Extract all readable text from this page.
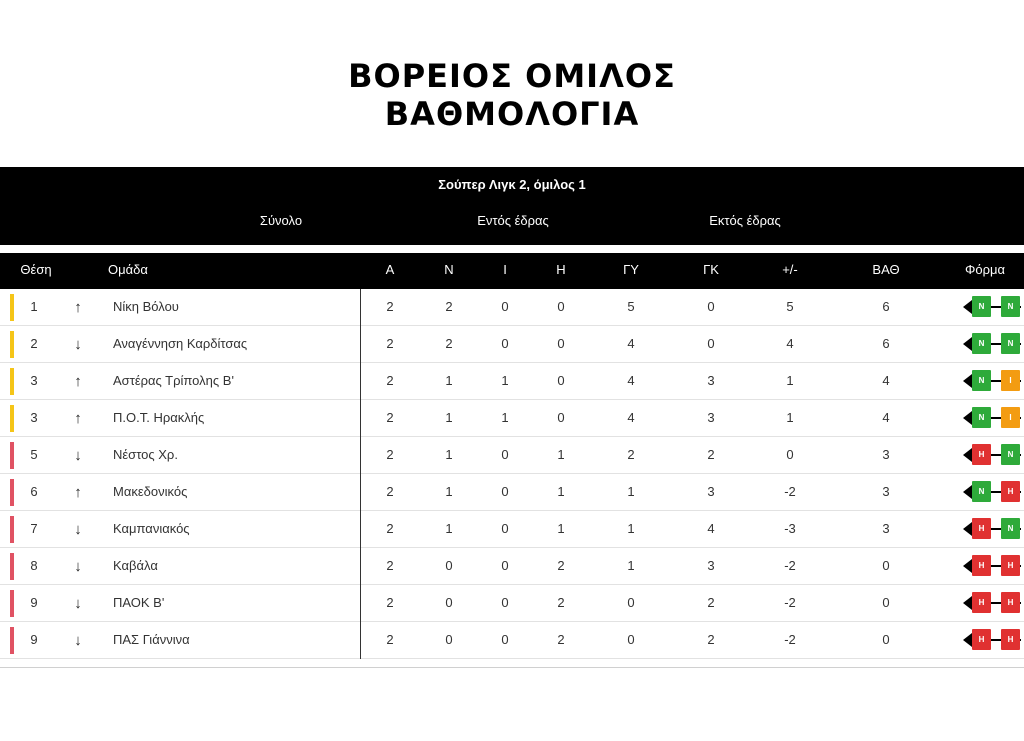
ΒΟΡΕΙΟΣ ΟΜΙΛΟΣ
ΒΑΘΜΟΛΟΓΙΑ
Σούπερ Λιγκ 2, όμιλος 1
Σύνολο	Εντός έδρας	Εκτός έδρας
Θέση	Ομάδα	Α	Ν	Ι	Η	ΓΥ	ΓΚ	+/-	ΒΑΘ	Φόρμα
1	↑	Νίκη Βόλου	2	2	0	0	5	0	5	6	Ν	Ν
2	↓	Αναγέννηση Καρδίτσας	2	2	0	0	4	0	4	6	Ν	Ν
3	↑	Αστέρας Τρίπολης Β'	2	1	1	0	4	3	1	4	Ν	Ι
3	↑	Π.Ο.Τ. Ηρακλής	2	1	1	0	4	3	1	4	Ν	Ι
5	↓	Νέστος Χρ.	2	1	0	1	2	2	0	3	Η	Ν
6	↑	Μακεδονικός	2	1	0	1	1	3	-2	3	Ν	Η
7	↓	Καμπανιακός	2	1	0	1	1	4	-3	3	Η	Ν
8	↓	Καβάλα	2	0	0	2	1	3	-2	0	Η	Η
9	↓	ΠΑΟΚ Β'	2	0	0	2	0	2	-2	0	Η	Η
9	↓	ΠΑΣ Γιάννινα	2	0	0	2	0	2	-2	0	Η	Η
